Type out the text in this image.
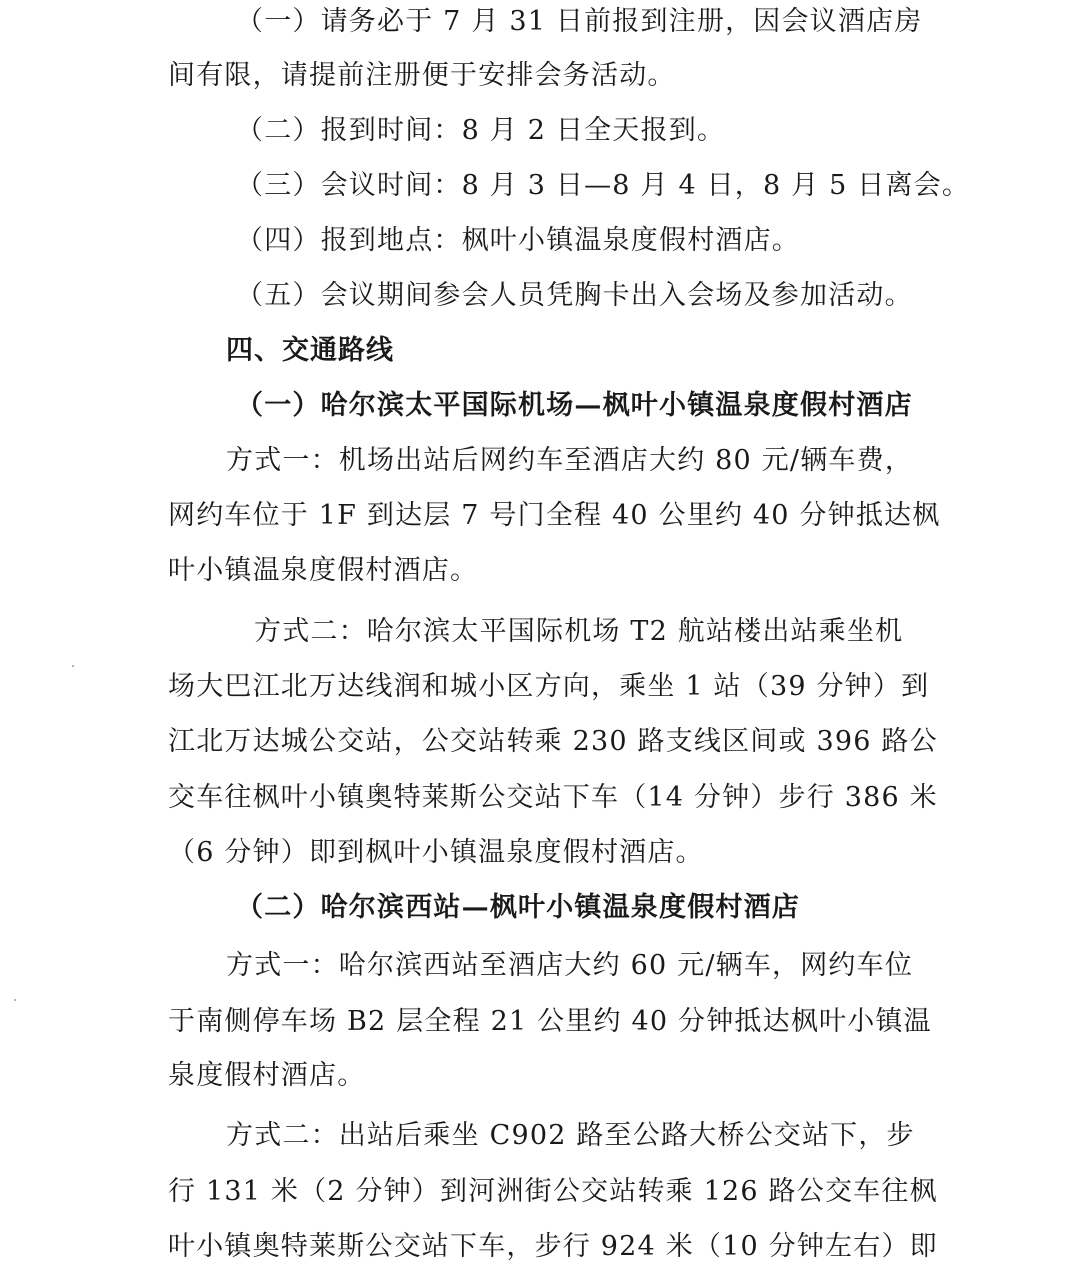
（一）请务必于 7 月 31 日前报到注册，因会议酒店房
间有限，请提前注册便于安排会务活动。
（二）报到时间：8 月 2 日全天报到。
（三）会议时间：8 月 3 日—8 月 4 日，8 月 5 日离会。
（四）报到地点：枫叶小镇温泉度假村酒店。
（五）会议期间参会人员凭胸卡出入会场及参加活动。
四、交通路线
（一）哈尔滨太平国际机场—枫叶小镇温泉度假村酒店
方式一：机场出站后网约车至酒店大约 80 元/辆车费，
网约车位于 1F 到达层 7 号门全程 40 公里约 40 分钟抵达枫
叶小镇温泉度假村酒店。
方式二：哈尔滨太平国际机场 T2 航站楼出站乘坐机
场大巴江北万达线润和城小区方向，乘坐 1 站（39 分钟）到
江北万达城公交站，公交站转乘 230 路支线区间或 396 路公
交车往枫叶小镇奥特莱斯公交站下车（14 分钟）步行 386 米
（6 分钟）即到枫叶小镇温泉度假村酒店。
（二）哈尔滨西站—枫叶小镇温泉度假村酒店
方式一：哈尔滨西站至酒店大约 60 元/辆车，网约车位
于南侧停车场 B2 层全程 21 公里约 40 分钟抵达枫叶小镇温
泉度假村酒店。
方式二：出站后乘坐 C902 路至公路大桥公交站下，步
行 131 米（2 分钟）到河洲街公交站转乘 126 路公交车往枫
叶小镇奥特莱斯公交站下车，步行 924 米（10 分钟左右）即
